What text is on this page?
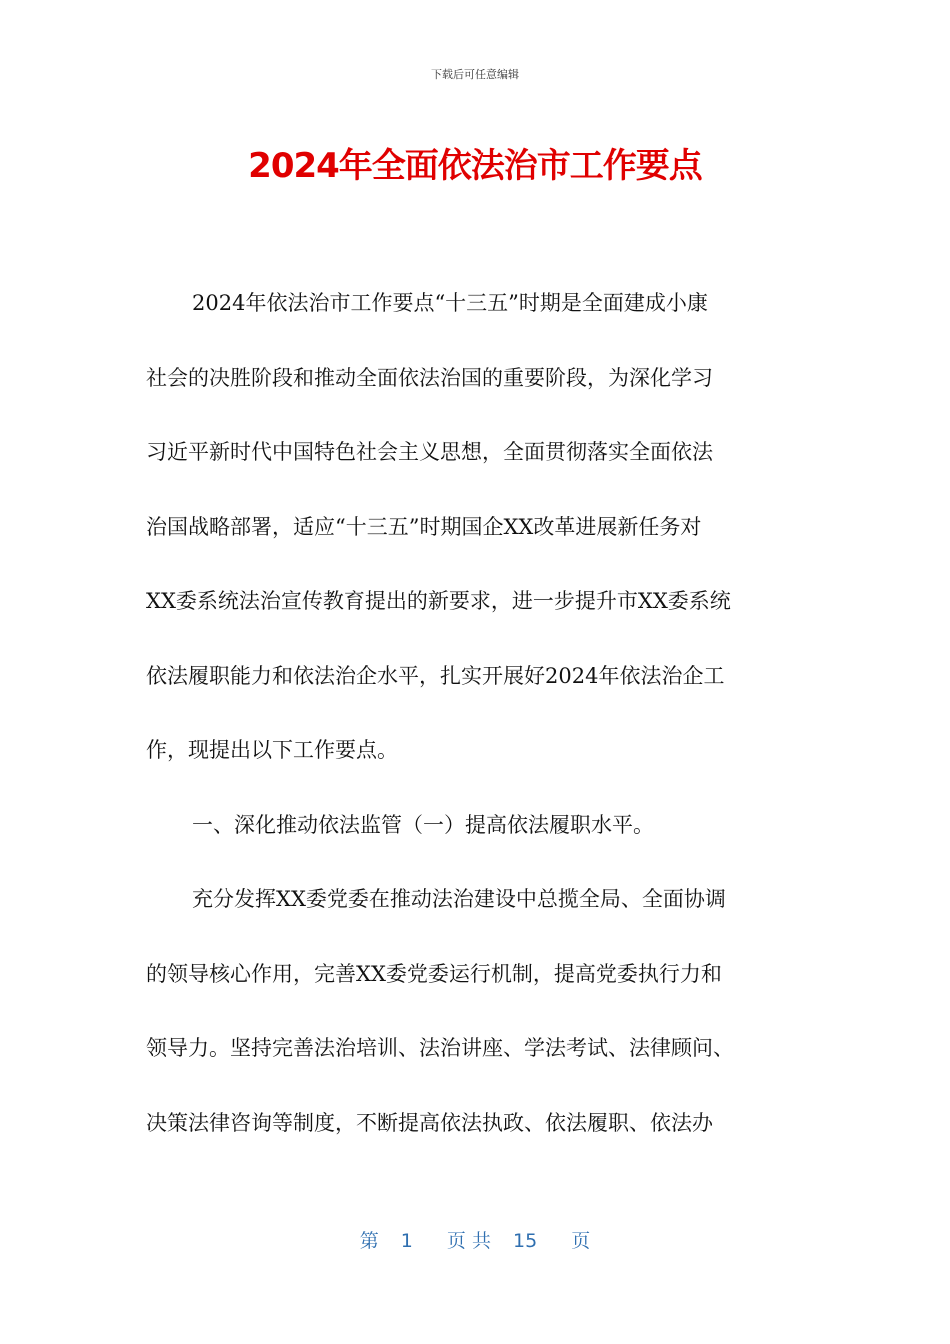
下载后可任意编辑
2024年全面依法治市工作要点
2024年依法治市工作要点“十三五”时期是全面建成小康
社会的决胜阶段和推动全面依法治国的重要阶段，为深化学习
习近平新时代中国特色社会主义思想，全面贯彻落实全面依法
治国战略部署，适应“十三五”时期国企XX改革进展新任务对
XX委系统法治宣传教育提出的新要求，进一步提升市XX委系统
依法履职能力和依法治企水平，扎实开展好2024年依法治企工
作，现提出以下工作要点。
一、深化推动依法监管（一）提高依法履职水平。
充分发挥XX委党委在推动法治建设中总揽全局、全面协调
的领导核心作用，完善XX委党委运行机制，提高党委执行力和
领导力。坚持完善法治培训、法治讲座、学法考试、法律顾问、
决策法律咨询等制度，不断提高依法执政、依法履职、依法办
第 1 页 共 15 页
